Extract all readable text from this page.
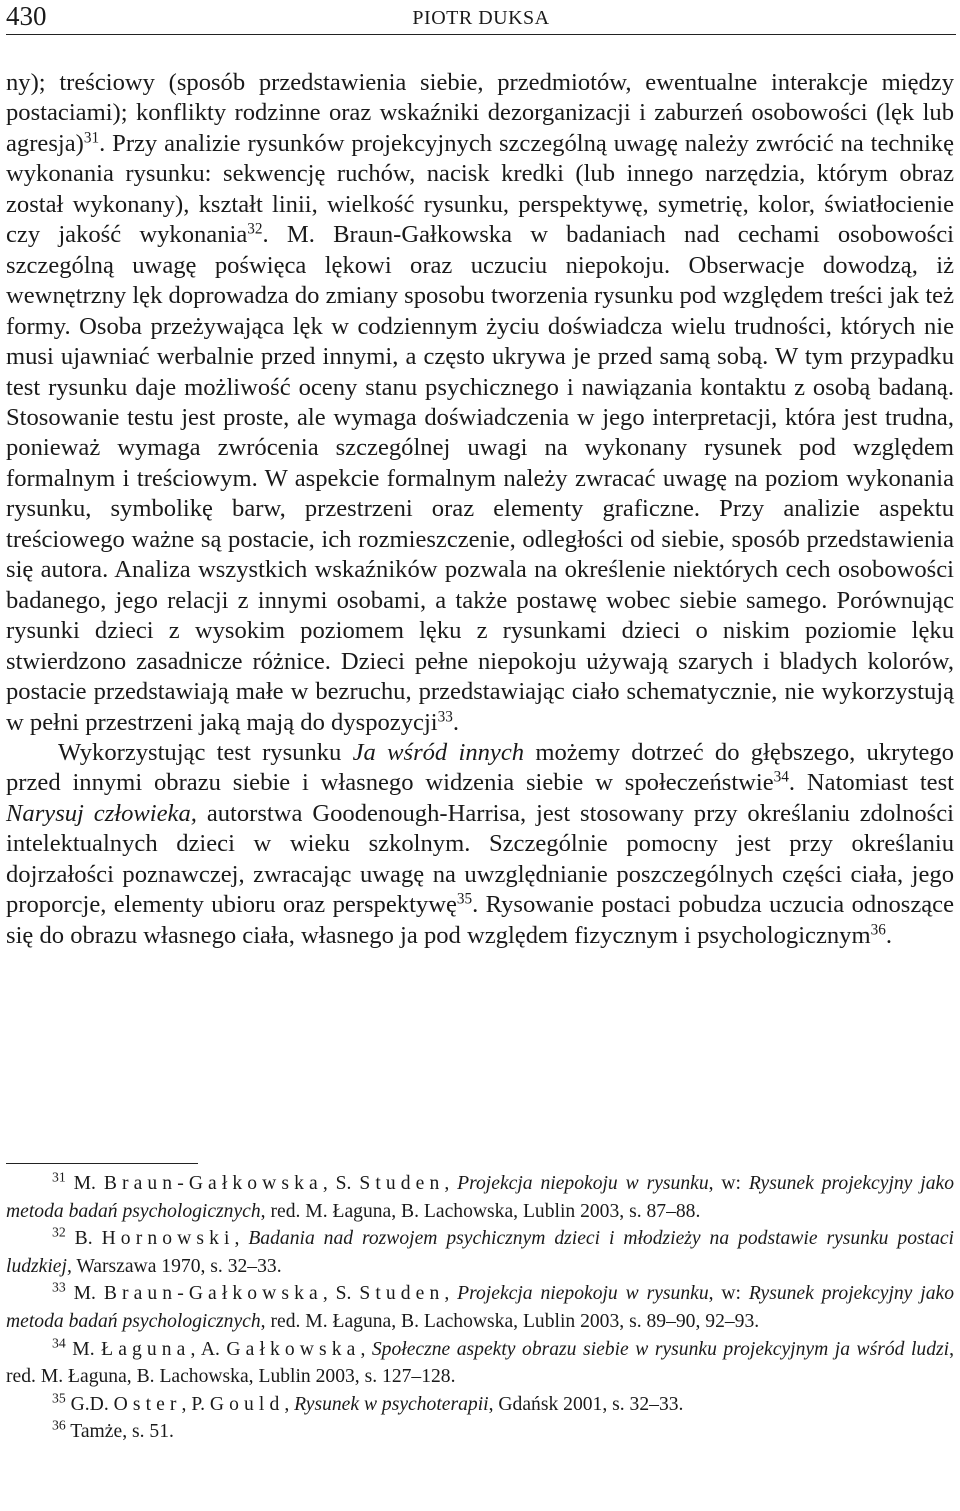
430	PIOTR DUKSA

ny); treściowy (sposób przedstawienia siebie, przedmiotów, ewentualne interakcje między postaciami); konflikty rodzinne oraz wskaźniki dezorganizacji i zaburzeń osobowości (lęk lub agresja)$^{31}$. Przy analizie rysunków projekcyjnych szczególną uwagę należy zwrócić na technikę wykonania rysunku: sekwencję ruchów, nacisk kredki (lub innego narzędzia, którym obraz został wykonany), kształt linii, wielkość rysunku, perspektywę, symetrię, kolor, światłocienie czy jakość wykonania$^{32}$. M. Braun-Gałkowska w badaniach nad cechami osobowości szczególną uwagę poświęca lękowi oraz uczuciu niepokoju. Obserwacje dowodzą, iż wewnętrzny lęk doprowadza do zmiany sposobu tworzenia rysunku pod względem treści jak też formy. Osoba przeżywająca lęk w codziennym życiu doświadcza wielu trudności, których nie musi ujawniać werbalnie przed innymi, a często ukrywa je przed samą sobą. W tym przypadku test rysunku daje możliwość oceny stanu psychicznego i nawiązania kontaktu z osobą badaną. Stosowanie testu jest proste, ale wymaga doświadczenia w jego interpretacji, która jest trudna, ponieważ wymaga zwrócenia szczególnej uwagi na wykonany rysunek pod względem formalnym i treściowym. W aspekcie formalnym należy zwracać uwagę na poziom wykonania rysunku, symbolikę barw, przestrzeni oraz elementy graficzne. Przy analizie aspektu treściowego ważne są postacie, ich rozmieszczenie, odległości od siebie, sposób przedstawienia się autora. Analiza wszystkich wskaźników pozwala na określenie niektórych cech osobowości badanego, jego relacji z innymi osobami, a także postawę wobec siebie samego. Porównując rysunki dzieci z wysokim poziomem lęku z rysunkami dzieci o niskim poziomie lęku stwierdzono zasadnicze różnice. Dzieci pełne niepokoju używają szarych i bladych kolorów, postacie przedstawiają małe w bezruchu, przedstawiając ciało schematycznie, nie wykorzystują w pełni przestrzeni jaką mają do dyspozycji$^{33}$.

Wykorzystując test rysunku Ja wśród innych możemy dotrzeć do głębszego, ukrytego przed innymi obrazu siebie i własnego widzenia siebie w społeczeństwie$^{34}$. Natomiast test Narysuj człowieka, autorstwa Goodenough-Harrisa, jest stosowany przy określaniu zdolności intelektualnych dzieci w wieku szkolnym. Szczególnie pomocny jest przy określaniu dojrzałości poznawczej, zwracając uwagę na uwzględnianie poszczególnych części ciała, jego proporcje, elementy ubioru oraz perspektywę$^{35}$. Rysowanie postaci pobudza uczucia odnoszące się do obrazu własnego ciała, własnego ja pod względem fizycznym i psychologicznym$^{36}$.

$^{31}$ M. Braun-Gałkowska, S. Studen, Projekcja niepokoju w rysunku, w: Rysunek projekcyjny jako metoda badań psychologicznych, red. M. Łaguna, B. Lachowska, Lublin 2003, s. 87–88.

$^{32}$ B. Hornowski, Badania nad rozwojem psychicznym dzieci i młodzieży na podstawie rysunku postaci ludzkiej, Warszawa 1970, s. 32–33.

$^{33}$ M. Braun-Gałkowska, S. Studen, Projekcja niepokoju w rysunku, w: Rysunek projekcyjny jako metoda badań psychologicznych, red. M. Łaguna, B. Lachowska, Lublin 2003, s. 89–90, 92–93.

$^{34}$ M. Łaguna, A. Gałkowska, Społeczne aspekty obrazu siebie w rysunku projekcyjnym ja wśród ludzi, red. M. Łaguna, B. Lachowska, Lublin 2003, s. 127–128.

$^{35}$ G.D. Oster, P. Gould, Rysunek w psychoterapii, Gdańsk 2001, s. 32–33.

$^{36}$ Tamże, s. 51.
